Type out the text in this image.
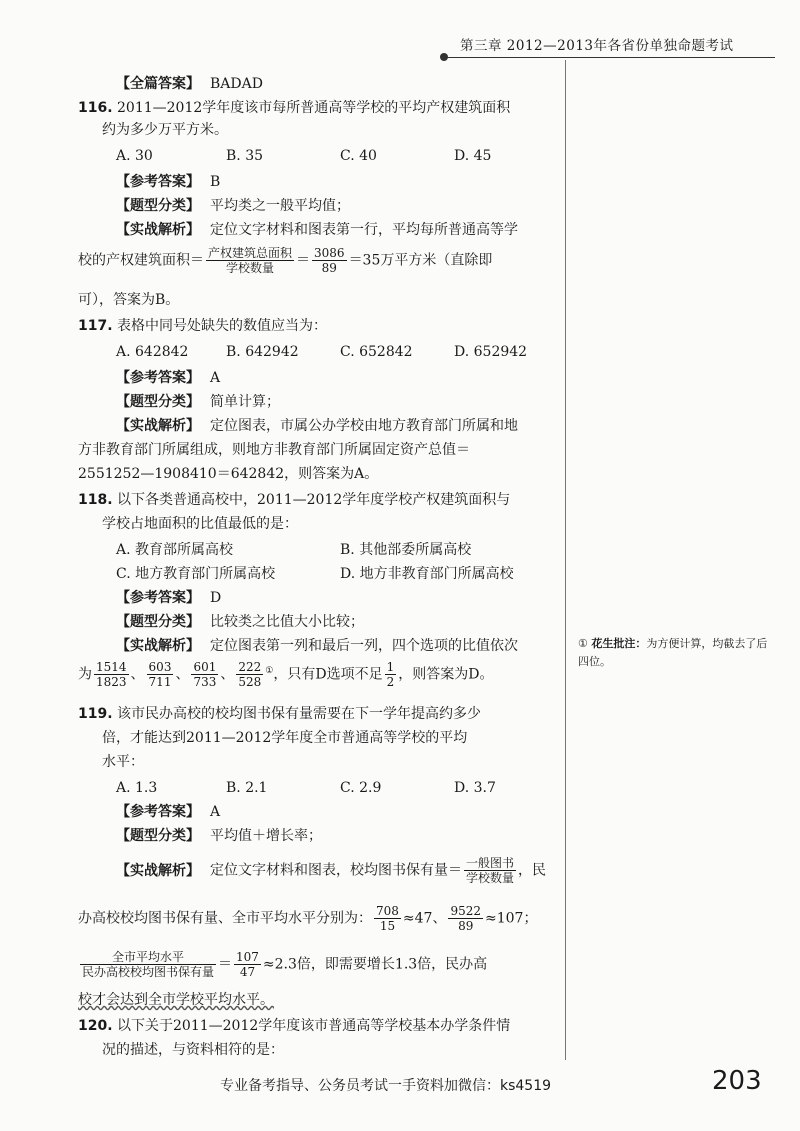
第三章 2012—2013年各省份单独命题考试
【全篇答案】 BADAD
116. 2011—2012学年度该市每所普通高等学校的平均产权建筑面积
约为多少万平方米。
A. 30	B. 35	C. 40	D. 45
【参考答案】 B
【题型分类】 平均类之一般平均值；
【实战解析】 定位文字材料和图表第一行，平均每所普通高等学
校的产权建筑面积＝ $\frac{\text{产权建筑总面积}}{\text{学校数量}} = \frac{3086}{89} =35$万平方米（直除即
可），答案为B。
117. 表格中同号处缺失的数值应当为：
A. 642842	B. 642942	C. 652842	D. 652942
【参考答案】 A
【题型分类】 简单计算；
【实战解析】 定位图表，市属公办学校由地方教育部门所属和地
方非教育部门所属组成，则地方非教育部门所属固定资产总值＝
2551252—1908410＝642842，则答案为A。
118. 以下各类普通高校中，2011—2012学年度学校产权建筑面积与
学校占地面积的比值最低的是：
A. 教育部所属高校	B. 其他部委所属高校
C. 地方教育部门所属高校	D. 地方非教育部门所属高校
【参考答案】 D
【题型分类】 比较类之比值大小比较；
【实战解析】 定位图表第一列和最后一列，四个选项的比值依次
为 $\frac{1514}{1823}$ 、 $\frac{603}{711}$ 、 $\frac{601}{733}$ 、 $\frac{222}{528} ^①$，只有D选项不足 $\frac{1}{2}$ ，则答案为D。
119. 该市民办高校的校均图书保有量需要在下一学年提高约多少
倍，才能达到2011—2012学年度全市普通高等学校的平均
水平：
A. 1.3	B. 2.1	C. 2.9	D. 3.7
【参考答案】 A
【题型分类】 平均值＋增长率；
【实战解析】 定位文字材料和图表，校均图书保有量＝ $\frac{\text{一般图书}}{\text{学校数量}}$ ，民
办高校校均图书保有量、全市平均水平分别为： $\frac{708}{15} \approx 47$、 $\frac{9522}{89} \approx 107$；
$\frac{\text{全市平均水平}}{\text{民办高校校均图书保有量}} = \frac{107}{47} \approx 2.3$倍，即需要增长1.3倍，民办高
校才会达到全市学校平均水平。
120. 以下关于2011—2012学年度该市普通高等学校基本办学条件情
况的描述，与资料相符的是：
① 花生批注：为方便计算，均截去了后四位。
专业备考指导、公务员考试一手资料加微信：ks4519	203
